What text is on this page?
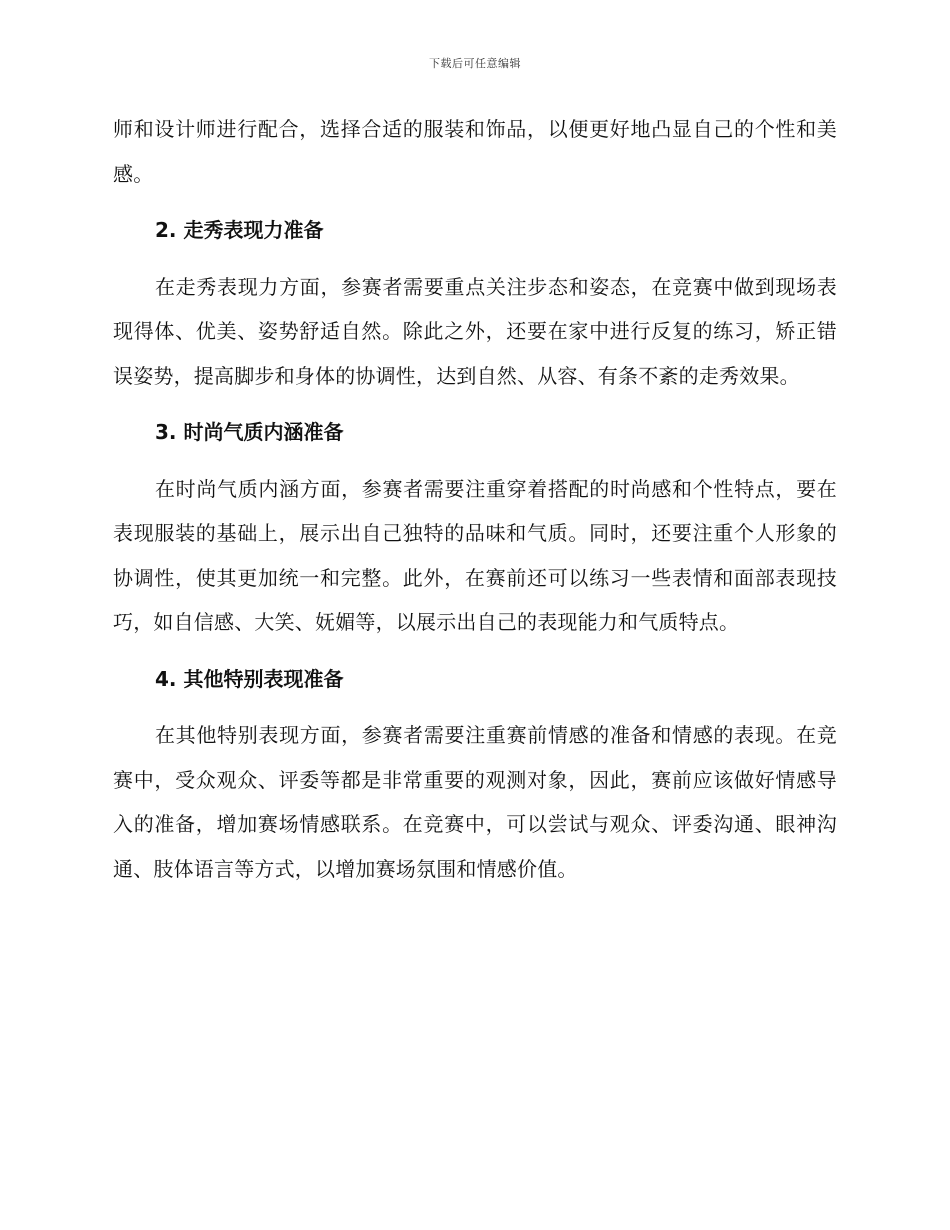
下载后可任意编辑

师和设计师进行配合，选择合适的服装和饰品，以便更好地凸显自己的个性和美感。

2. 走秀表现力准备

在走秀表现力方面，参赛者需要重点关注步态和姿态，在竞赛中做到现场表现得体、优美、姿势舒适自然。除此之外，还要在家中进行反复的练习，矫正错误姿势，提高脚步和身体的协调性，达到自然、从容、有条不紊的走秀效果。

3. 时尚气质内涵准备

在时尚气质内涵方面，参赛者需要注重穿着搭配的时尚感和个性特点，要在表现服装的基础上，展示出自己独特的品味和气质。同时，还要注重个人形象的协调性，使其更加统一和完整。此外，在赛前还可以练习一些表情和面部表现技巧，如自信感、大笑、妩媚等，以展示出自己的表现能力和气质特点。

4. 其他特别表现准备

在其他特别表现方面，参赛者需要注重赛前情感的准备和情感的表现。在竞赛中，受众观众、评委等都是非常重要的观测对象，因此，赛前应该做好情感导入的准备，增加赛场情感联系。在竞赛中，可以尝试与观众、评委沟通、眼神沟通、肢体语言等方式，以增加赛场氛围和情感价值。
